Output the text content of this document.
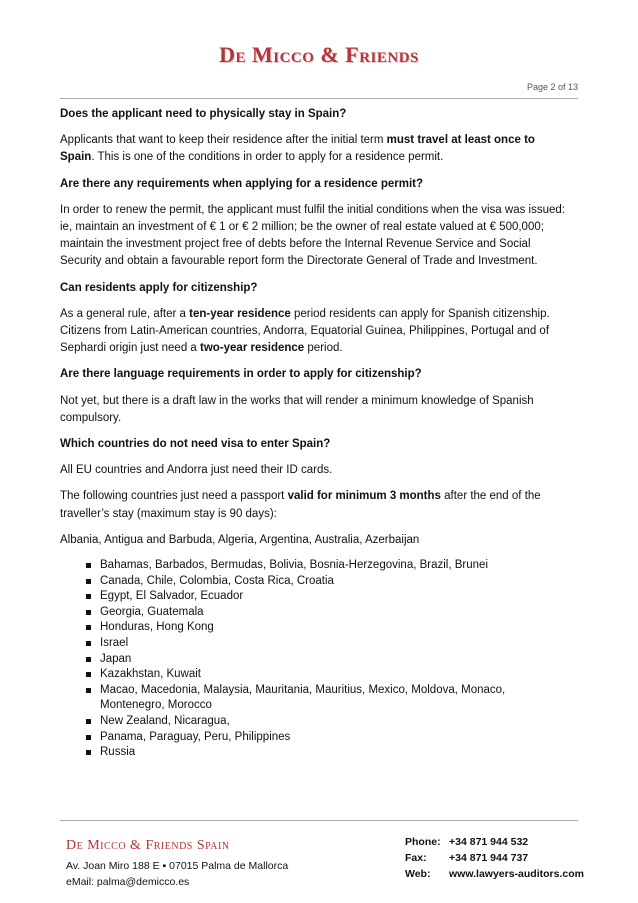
De Micco & Friends
Page 2 of 13

Does the applicant need to physically stay in Spain?

Applicants that want to keep their residence after the initial term must travel at least once to Spain. This is one of the conditions in order to apply for a residence permit.

Are there any requirements when applying for a residence permit?

In order to renew the permit, the applicant must fulfil the initial conditions when the visa was issued: ie, maintain an investment of € 1 or € 2 million; be the owner of real estate valued at € 500,000; maintain the investment project free of debts before the Internal Revenue Service and Social Security and obtain a favourable report form the Directorate General of Trade and Investment.

Can residents apply for citizenship?

As a general rule, after a ten-year residence period residents can apply for Spanish citizenship. Citizens from Latin-American countries, Andorra, Equatorial Guinea, Philippines, Portugal and of Sephardi origin just need a two-year residence period.

Are there language requirements in order to apply for citizenship?

Not yet, but there is a draft law in the works that will render a minimum knowledge of Spanish compulsory.

Which countries do not need visa to enter Spain?

All EU countries and Andorra just need their ID cards.

The following countries just need a passport valid for minimum 3 months after the end of the traveller’s stay (maximum stay is 90 days):

Albania, Antigua and Barbuda, Algeria, Argentina, Australia, Azerbaijan

Bahamas, Barbados, Bermudas, Bolivia, Bosnia-Herzegovina, Brazil, Brunei
Canada, Chile, Colombia, Costa Rica, Croatia
Egypt, El Salvador, Ecuador
Georgia, Guatemala
Honduras, Hong Kong
Israel
Japan
Kazakhstan, Kuwait
Macao, Macedonia, Malaysia, Mauritania, Mauritius, Mexico, Moldova, Monaco, Montenegro, Morocco
New Zealand, Nicaragua,
Panama, Paraguay, Peru, Philippines
Russia
De Micco & Friends Spain
Av. Joan Miro 188 E ▪ 07015 Palma de Mallorca
eMail: palma@demicco.es
Phone: +34 871 944 532
Fax:	+34 871 944 737
Web:	www.lawyers-auditors.com
